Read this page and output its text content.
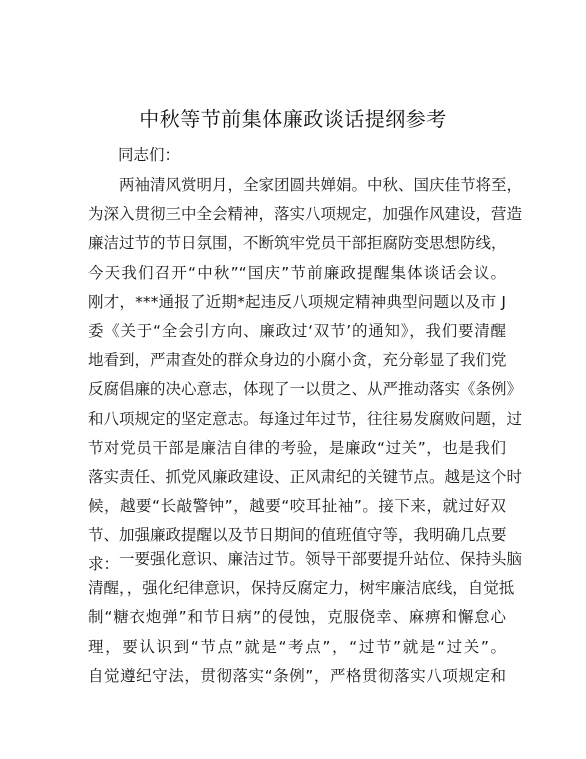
中秋等节前集体廉政谈话提纲参考
同志们：
两袖清风赏明月，全家团圆共婵娟。中秋、国庆佳节将至，
为深入贯彻三中全会精神，落实八项规定，加强作风建设，营造
廉洁过节的节日氛围，不断筑牢党员干部拒腐防变思想防线，
今天我们召开“中秋”“国庆”节前廉政提醒集体谈话会议。
刚才，***通报了近期*起违反八项规定精神典型问题以及市 J
委《关于“全会引方向、廉政过‘双节’的通知》，我们要清醒
地看到，严肃查处的群众身边的小腐小贪，充分彰显了我们党
反腐倡廉的决心意志，体现了一以贯之、从严推动落实《条例》
和八项规定的坚定意志。每逢过年过节，往往易发腐败问题，过
节对党员干部是廉洁自律的考验，是廉政“过关”，也是我们
落实责任、抓党风廉政建设、正风肃纪的关键节点。越是这个时
候，越要“长敲警钟”，越要“咬耳扯袖”。接下来，就过好双
节、加强廉政提醒以及节日期间的值班值守等，我明确几点要
求： 一要强化意识、廉洁过节。领导干部要提升站位、保持头脑
清醒，，强化纪律意识，保持反腐定力，树牢廉洁底线，自觉抵
制“糖衣炮弹”和节日病”的侵蚀，克服侥幸、麻痹和懈怠心
理，要认识到“节点”就是“考点”，“过节”就是“过关”。
自觉遵纪守法，贯彻落实“条例”，严格贯彻落实八项规定和
